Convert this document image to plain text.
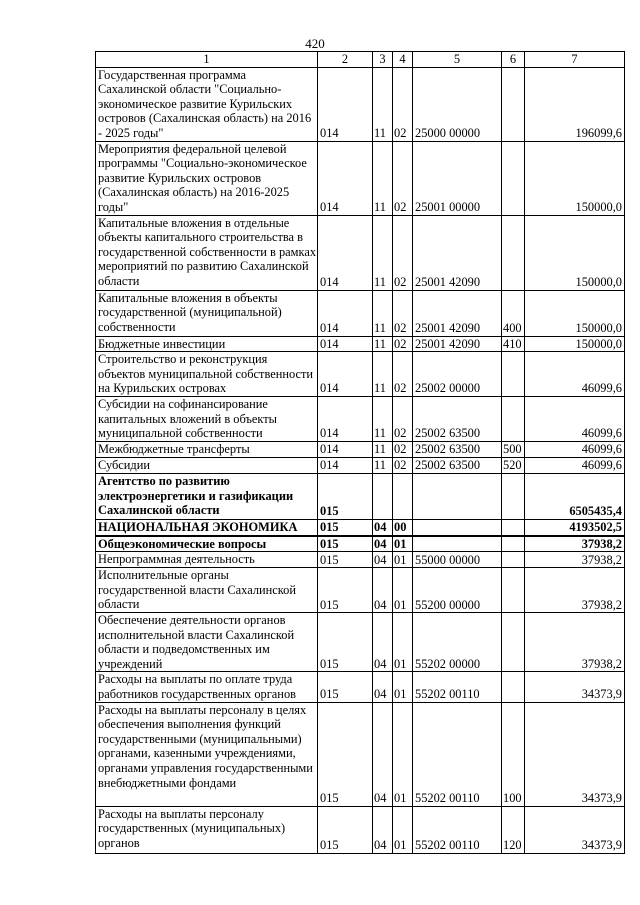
420
1	2	3	4	5	6	7
Государственная программа Сахалинской области "Социально-экономическое развитие Курильских островов (Сахалинская область) на 2016 - 2025 годы"	014	11	02	25000 00000		196099,6
Мероприятия федеральной целевой программы "Социально-экономическое развитие Курильских островов (Сахалинская область) на 2016-2025 годы"	014	11	02	25001 00000		150000,0
Капитальные вложения в отдельные объекты капитального строительства в государственной собственности в рамках мероприятий по развитию Сахалинской области	014	11	02	25001 42090		150000,0
Капитальные вложения в объекты государственной (муниципальной) собственности	014	11	02	25001 42090	400	150000,0
Бюджетные инвестиции	014	11	02	25001 42090	410	150000,0
Строительство и реконструкция объектов муниципальной собственности на Курильских островах	014	11	02	25002 00000		46099,6
Субсидии на софинансирование капитальных вложений в объекты муниципальной собственности	014	11	02	25002 63500		46099,6
Межбюджетные трансферты	014	11	02	25002 63500	500	46099,6
Субсидии	014	11	02	25002 63500	520	46099,6
Агентство по развитию электроэнергетики и газификации Сахалинской области	015					6505435,4
НАЦИОНАЛЬНАЯ ЭКОНОМИКА	015	04	00			4193502,5
Общеэкономические вопросы	015	04	01			37938,2
Непрограммная деятельность	015	04	01	55000 00000		37938,2
Исполнительные органы государственной власти Сахалинской области	015	04	01	55200 00000		37938,2
Обеспечение деятельности органов исполнительной власти Сахалинской области и подведомственных им учреждений	015	04	01	55202 00000		37938,2
Расходы на выплаты по оплате труда работников государственных органов	015	04	01	55202 00110		34373,9
Расходы на выплаты персоналу в целях обеспечения выполнения функций государственными (муниципальными) органами, казенными учреждениями, органами управления государственными внебюджетными фондами	015	04	01	55202 00110	100	34373,9
Расходы на выплаты персоналу государственных (муниципальных) органов	015	04	01	55202 00110	120	34373,9
